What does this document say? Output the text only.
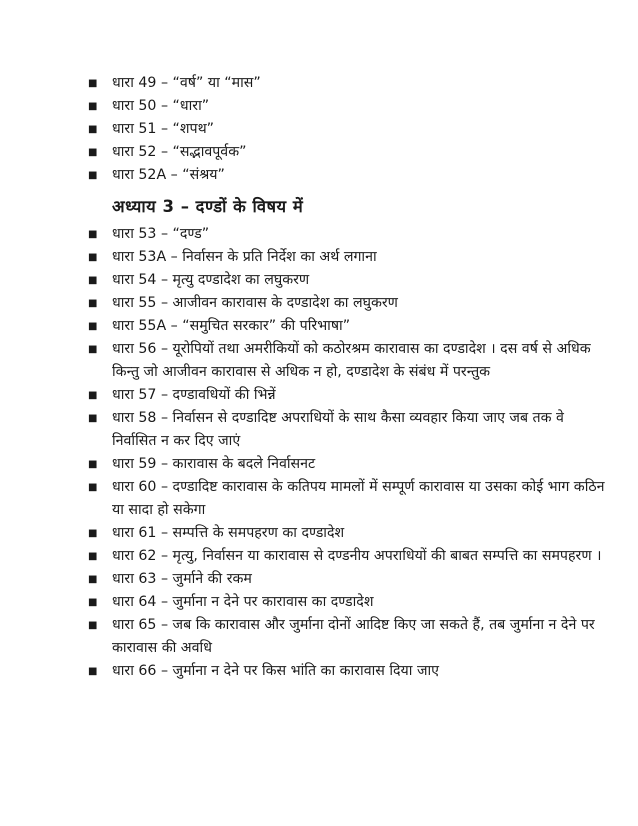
■ धारा 49 – “वर्ष” या “मास”
■ धारा 50 – “धारा”
■ धारा 51 – “शपथ”
■ धारा 52 – “सद्भावपूर्वक”
■ धारा 52A – “संश्रय”
अध्याय 3 – दण्डों के विषय में
■ धारा 53 – “दण्ड”
■ धारा 53A – निर्वासन के प्रति निर्देश का अर्थ लगाना
■ धारा 54 – मृत्यु दण्डादेश का लघुकरण
■ धारा 55 – आजीवन कारावास के दण्डादेश का लघुकरण
■ धारा 55A – “समुचित सरकार” की परिभाषा”
■ धारा 56 – यूरोपियों तथा अमरीकियों को कठोरश्रम कारावास का दण्डादेश । दस वर्ष से अधिक किन्तु जो आजीवन कारावास से अधिक न हो, दण्डादेश के संबंध में परन्तुक
■ धारा 57 – दण्डावधियों की भिन्नें
■ धारा 58 – निर्वासन से दण्डादिष्ट अपराधियों के साथ कैसा व्यवहार किया जाए जब तक वे निर्वासित न कर दिए जाएं
■ धारा 59 – कारावास के बदले निर्वासनट
■ धारा 60 – दण्डादिष्ट कारावास के कतिपय मामलों में सम्पूर्ण कारावास या उसका कोई भाग कठिन या सादा हो सकेगा
■ धारा 61 – सम्पत्ति के समपहरण का दण्डादेश
■ धारा 62 – मृत्यु, निर्वासन या कारावास से दण्डनीय अपराधियों की बाबत सम्पत्ति का समपहरण ।
■ धारा 63 – जुर्माने की रकम
■ धारा 64 – जुर्माना न देने पर कारावास का दण्डादेश
■ धारा 65 – जब कि कारावास और जुर्माना दोनों आदिष्ट किए जा सकते हैं, तब जुर्माना न देने पर कारावास की अवधि
■ धारा 66 – जुर्माना न देने पर किस भांति का कारावास दिया जाए
